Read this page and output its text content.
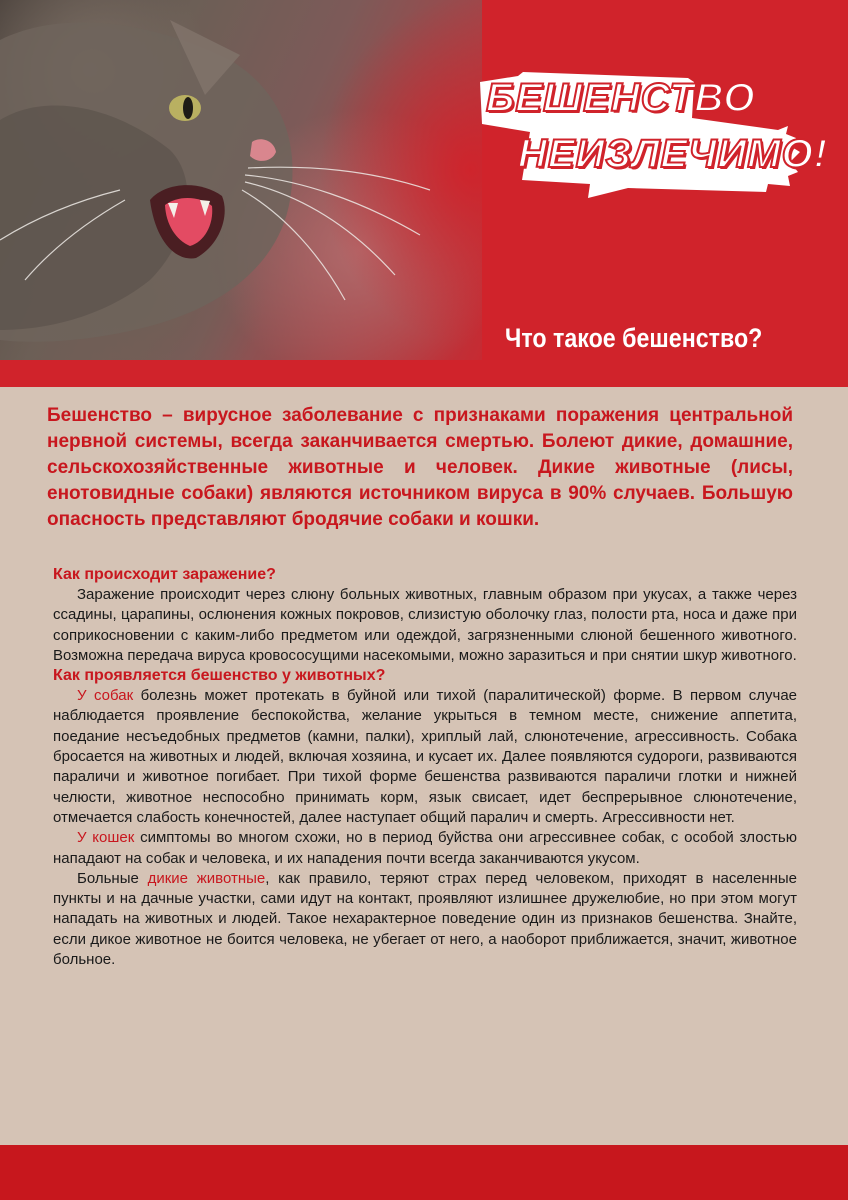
БЕШЕНСТВО
НЕИЗЛЕЧИМО!
Что такое бешенство?

Бешенство – вирусное заболевание с признаками поражения центральной нервной системы, всегда заканчивается смертью. Болеют дикие, домашние, сельскохозяйственные животные и человек. Дикие животные (лисы, енотовидные собаки) являются источником вируса в 90% случаев. Большую опасность представляют бродячие собаки и кошки.

Как происходит заражение?

Заражение происходит через слюну больных животных, главным образом при укусах, а также через ссадины, царапины, ослюнения кожных покровов, слизистую оболочку глаз, полости рта, носа и даже при соприкосновении с каким-либо предметом или одеждой, загрязненными слюной бешенного животного. Возможна передача вируса кровососущими насекомыми, можно заразиться и при снятии шкур животного.

Как проявляется бешенство у животных?

У собак болезнь может протекать в буйной или тихой (паралитической) форме. В первом случае наблюдается проявление беспокойства, желание укрыться в темном месте, снижение аппетита, поедание несъедобных предметов (камни, палки), хриплый лай, слюнотечение, агрессивность. Собака бросается на животных и людей, включая хозяина, и кусает их. Далее появляются судороги, развиваются параличи и животное погибает. При тихой форме бешенства развиваются параличи глотки и нижней челюсти, животное неспособно принимать корм, язык свисает, идет беспрерывное слюнотечение, отмечается слабость конечностей, далее наступает общий паралич и смерть. Агрессивности нет.

У кошек симптомы во многом схожи, но в период буйства они агрессивнее собак, с особой злостью нападают на собак и человека, и их нападения почти всегда заканчиваются укусом.

Больные дикие животные, как правило, теряют страх перед человеком, приходят в населенные пункты и на дачные участки, сами идут на контакт, проявляют излишнее дружелюбие, но при этом могут нападать на животных и людей. Такое нехарактерное поведение один из признаков бешенства. Знайте, если дикое животное не боится человека, не убегает от него, а наоборот приближается, значит, животное больное.
